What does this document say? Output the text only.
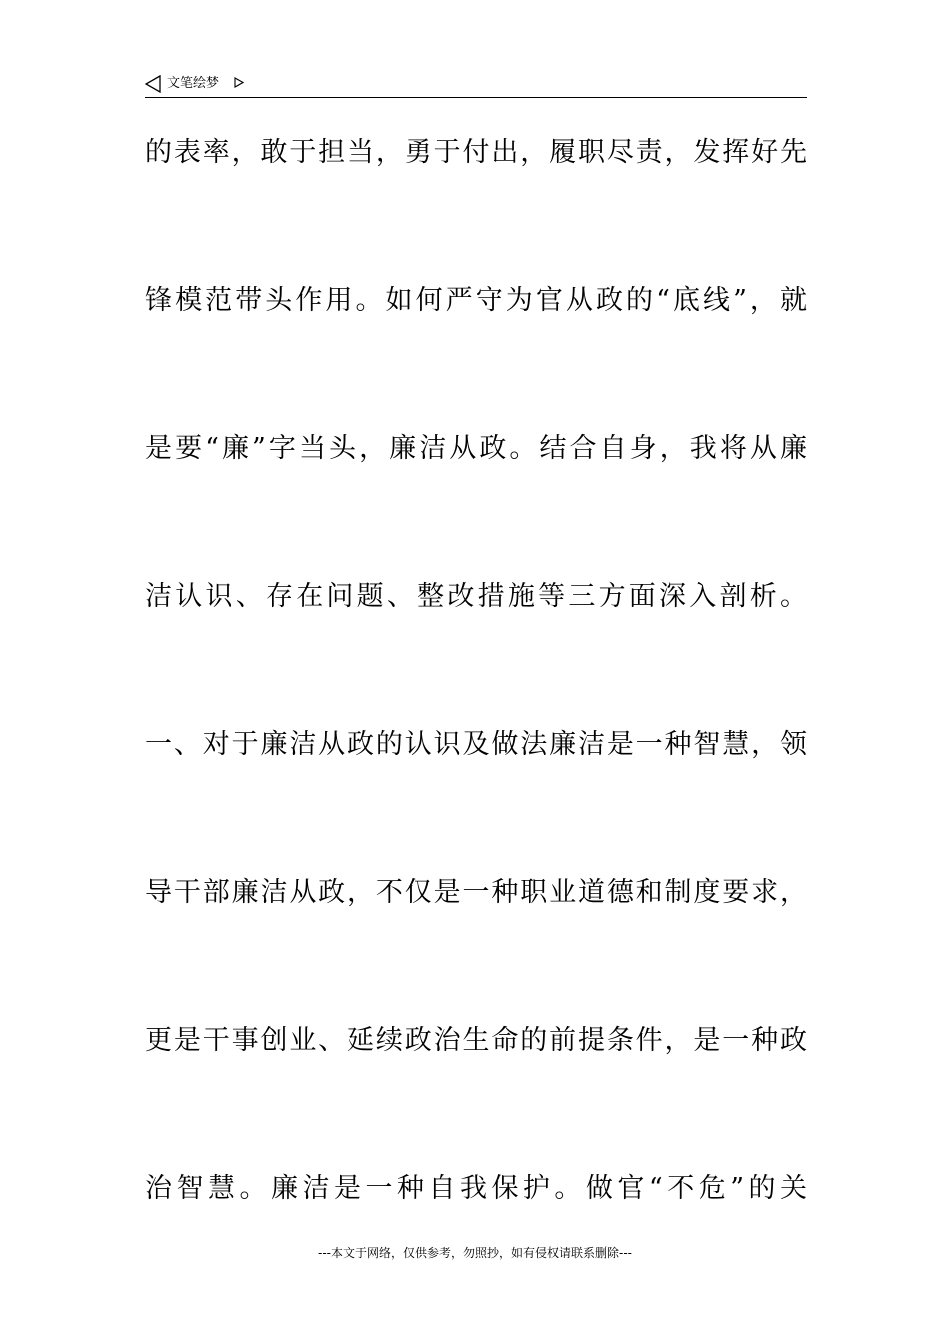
文笔绘梦
的表率，敢于担当，勇于付出，履职尽责，发挥好先
锋模范带头作用。如何严守为官从政的“底线”，就
是要“廉”字当头，廉洁从政。结合自身，我将从廉
洁认识、存在问题、整改措施等三方面深入剖析。
一、对于廉洁从政的认识及做法廉洁是一种智慧，领
导干部廉洁从政，不仅是一种职业道德和制度要求，
更是干事创业、延续政治生命的前提条件，是一种政
治智慧。廉洁是一种自我保护。做官“不危”的关
---本文于网络，仅供参考，勿照抄，如有侵权请联系删除---
